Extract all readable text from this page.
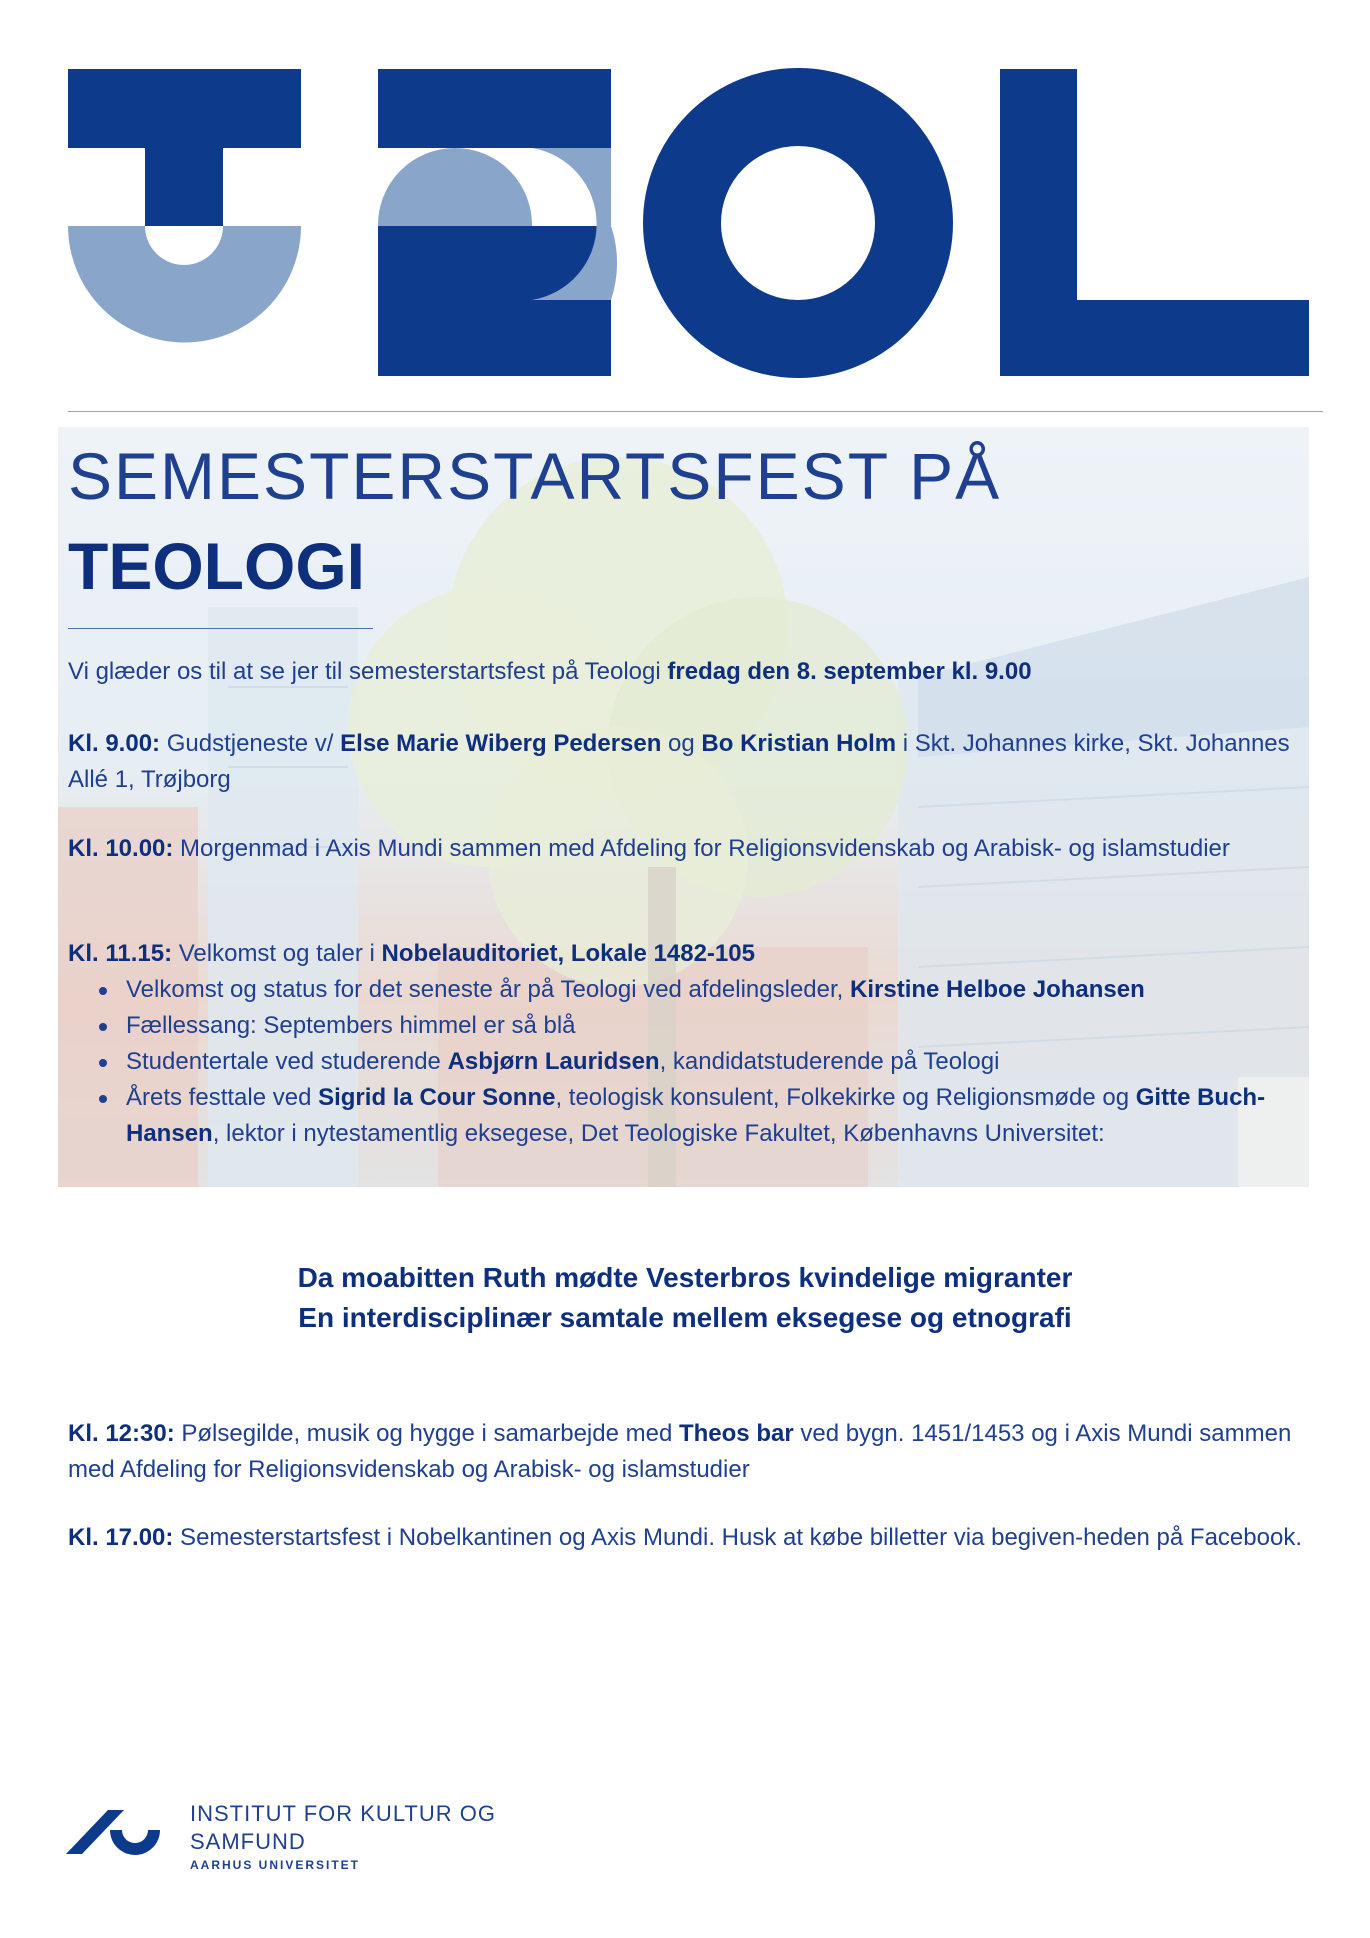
SEMESTERSTARTSFEST PÅ
TEOLOGI
Vi glæder os til at se jer til semesterstartsfest på Teologi fredag den 8. september kl. 9.00
Kl. 9.00: Gudstjeneste v/ Else Marie Wiberg Pedersen og Bo Kristian Holm i Skt. Johannes kirke, Skt. Johannes Allé 1, Trøjborg
Kl. 10.00: Morgenmad i Axis Mundi sammen med Afdeling for Religionsvidenskab og Arabisk- og islamstudier
Kl. 11.15: Velkomst og taler i Nobelauditoriet, Lokale 1482-105
Velkomst og status for det seneste år på Teologi ved afdelingsleder, Kirstine Helboe Johansen
Fællessang: Septembers himmel er så blå
Studentertale ved studerende Asbjørn Lauridsen, kandidatstuderende på Teologi
Årets festtale ved Sigrid la Cour Sonne, teologisk konsulent, Folkekirke og Religionsmøde og Gitte Buch-Hansen, lektor i nytestamentlig eksegese, Det Teologiske Fakultet, Københavns Universitet:
Da moabitten Ruth mødte Vesterbros kvindelige migranter
En interdisciplinær samtale mellem eksegese og etnografi
Kl. 12:30: Pølsegilde, musik og hygge i samarbejde med Theos bar ved bygn. 1451/1453 og i Axis Mundi sammen med Afdeling for Religionsvidenskab og Arabisk- og islamstudier
Kl. 17.00: Semesterstartsfest i Nobelkantinen og Axis Mundi. Husk at købe billetter via begiven-heden på Facebook.
INSTITUT FOR KULTUR OG
SAMFUND
AARHUS UNIVERSITET
